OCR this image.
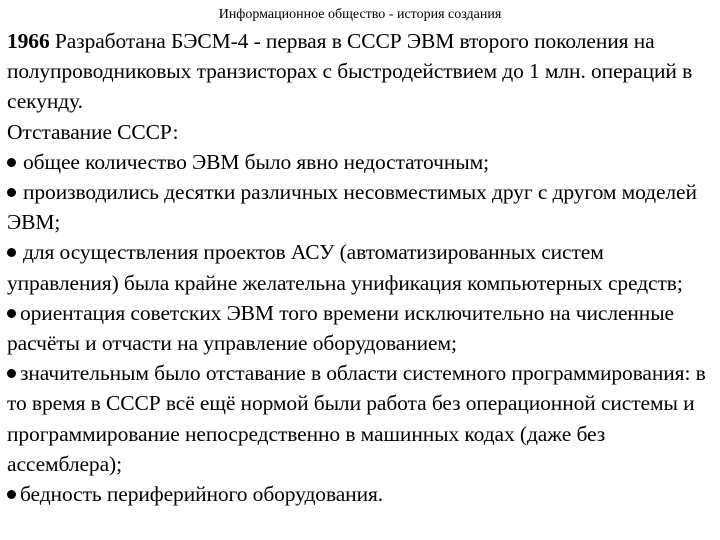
Информационное общество - история создания

1966 Разработана БЭСМ-4 - первая в СССР ЭВМ второго поколения на полупроводниковых транзисторах с быстродействием до 1 млн. операций в секунду.

Отставание СССР:

общее количество ЭВМ было явно недостаточным;

производились десятки различных несовместимых друг с другом моделей ЭВМ;

для осуществления проектов АСУ (автоматизированных систем управления) была крайне желательна унификация компьютерных средств;

ориентация советских ЭВМ того времени исключительно на численные расчёты и отчасти на управление оборудованием;

значительным было отставание в области системного программирования: в то время в СССР всё ещё нормой были работа без операционной системы и программирование непосредственно в машинных кодах (даже без ассемблера);

бедность периферийного оборудования.
